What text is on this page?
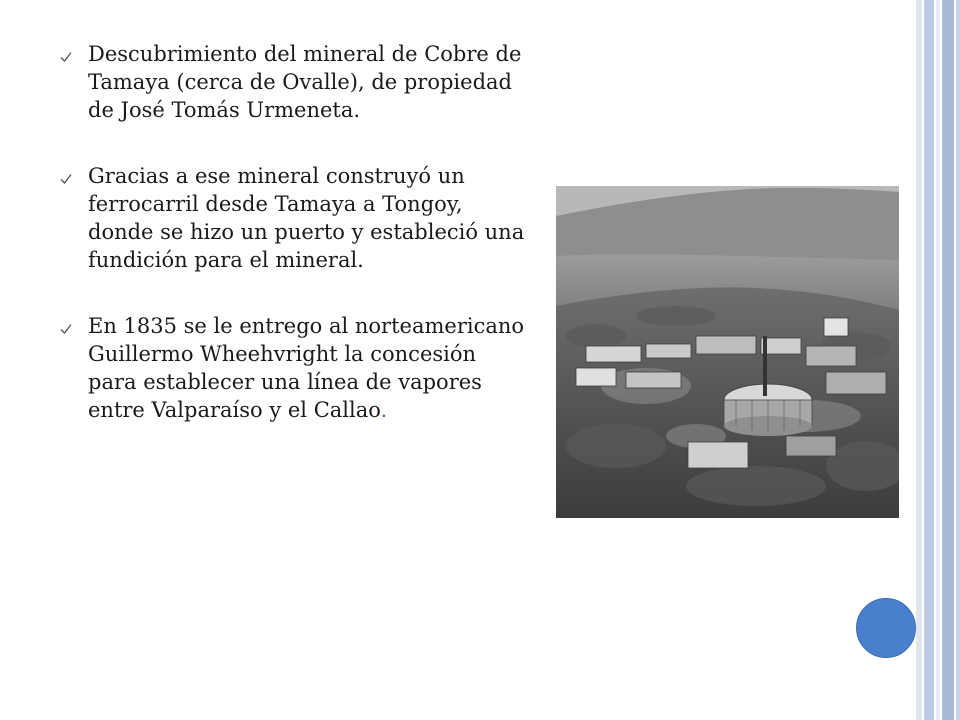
Descubrimiento del mineral de Cobre de Tamaya (cerca de Ovalle), de propiedad de José Tomás Urmeneta.
Gracias a ese mineral construyó un ferrocarril desde Tamaya a Tongoy, donde se hizo un puerto y estableció una fundición para el mineral.
En 1835 se le entrego al norteamericano Guillermo Wheehvright la concesión para establecer una línea de vapores entre Valparaíso y el Callao.
